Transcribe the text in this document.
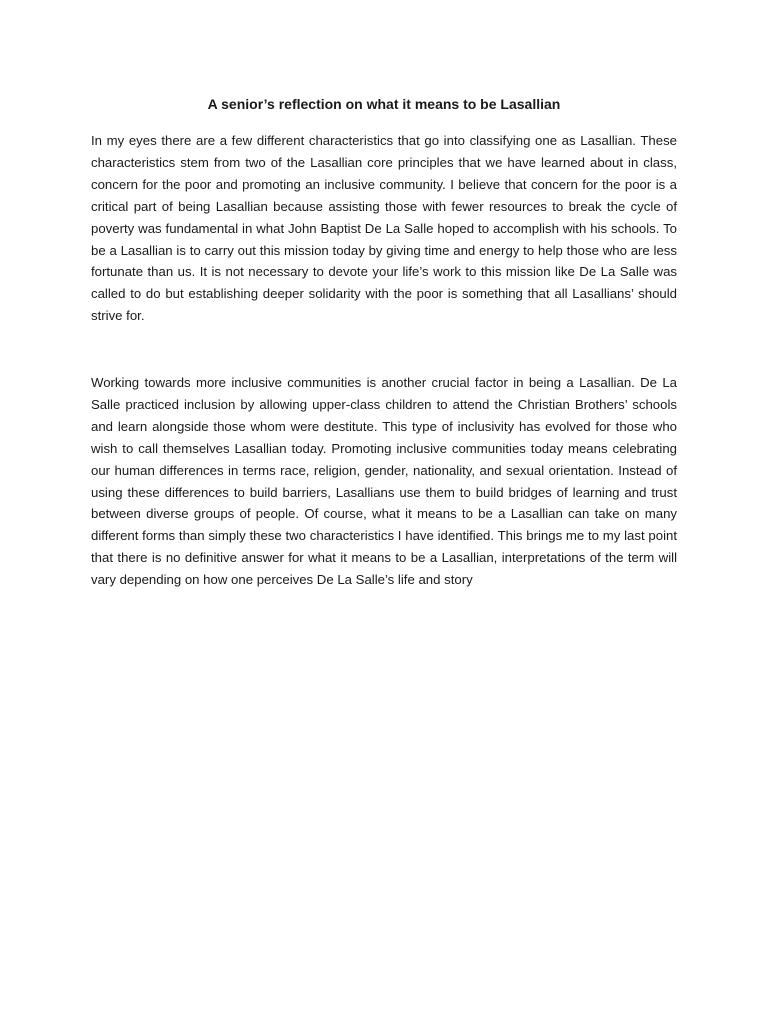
A senior’s reflection on what it means to be Lasallian

In my eyes there are a few different characteristics that go into classifying one as Lasallian. These characteristics stem from two of the Lasallian core principles that we have learned about in class, concern for the poor and promoting an inclusive community. I believe that concern for the poor is a critical part of being Lasallian because assisting those with fewer resources to break the cycle of poverty was fundamental in what John Baptist De La Salle hoped to accomplish with his schools. To be a Lasallian is to carry out this mission today by giving time and energy to help those who are less fortunate than us. It is not necessary to devote your life’s work to this mission like De La Salle was called to do but establishing deeper solidarity with the poor is something that all Lasallians’ should strive for.

Working towards more inclusive communities is another crucial factor in being a Lasallian. De La Salle practiced inclusion by allowing upper-class children to attend the Christian Brothers’ schools and learn alongside those whom were destitute. This type of inclusivity has evolved for those who wish to call themselves Lasallian today. Promoting inclusive communities today means celebrating our human differences in terms race, religion, gender, nationality, and sexual orientation. Instead of using these differences to build barriers, Lasallians use them to build bridges of learning and trust between diverse groups of people. Of course, what it means to be a Lasallian can take on many different forms than simply these two characteristics I have identified. This brings me to my last point that there is no definitive answer for what it means to be a Lasallian, interpretations of the term will vary depending on how one perceives De La Salle’s life and story
